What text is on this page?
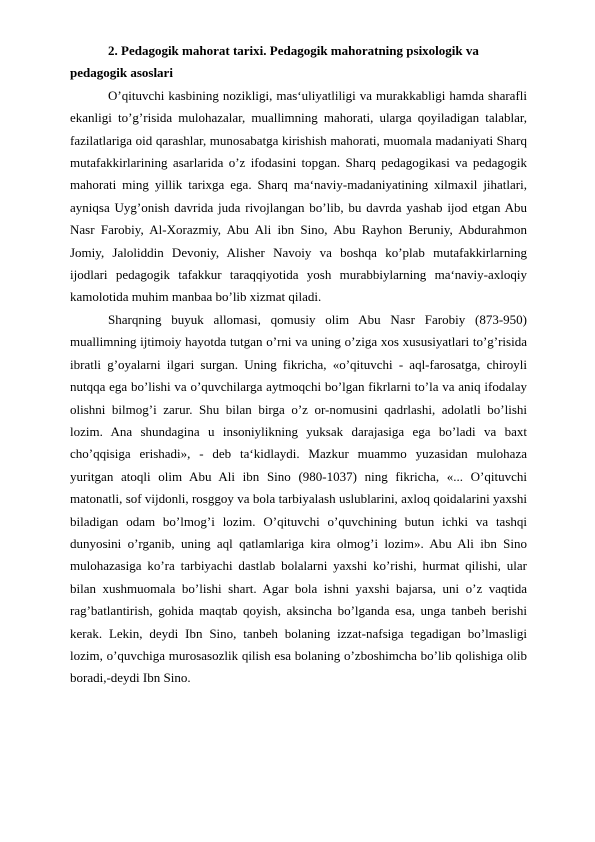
2. Pedagogik mahorat tarixi. Pedagogik mahoratning psixologik va pedagogik asoslari

O’qituvchi kasbining nozikligi, mas‘uliyatliligi va murakkabligi hamda sharafli ekanligi to’g’risida mulohazalar, muallimning mahorati, ularga qoyiladigan talablar, fazilatlariga oid qarashlar, munosabatga kirishish mahorati, muomala madaniyati Sharq mutafakkirlarining asarlarida o’z ifodasini topgan. Sharq pedagogikasi va pedagogik mahorati ming yillik tarixga ega. Sharq ma‘naviy-madaniyatining xilmaxil jihatlari, ayniqsa Uyg’onish davrida juda rivojlangan bo’lib, bu davrda yashab ijod etgan Abu Nasr Farobiy, Al-Xorazmiy, Abu Ali ibn Sino, Abu Rayhon Beruniy, Abdurahmon Jomiy, Jaloliddin Devoniy, Alisher Navoiy va boshqa ko’plab mutafakkirlarning ijodlari pedagogik tafakkur taraqqiyotida yosh murabbiylarning ma‘naviy-axloqiy kamolotida muhim manbaa bo’lib xizmat qiladi.

Sharqning buyuk allomasi, qomusiy olim Abu Nasr Farobiy (873-950) muallimning ijtimoiy hayotda tutgan o’rni va uning o’ziga xos xususiyatlari to’g’risida ibratli g’oyalarni ilgari surgan. Uning fikricha, «o’qituvchi - aql-farosatga, chiroyli nutqqa ega bo’lishi va o’quvchilarga aytmoqchi bo’lgan fikrlarni to’la va aniq ifodalay olishni bilmog’i zarur. Shu bilan birga o’z or-nomusini qadrlashi, adolatli bo’lishi lozim. Ana shundagina u insoniylikning yuksak darajasiga ega bo’ladi va baxt cho’qqisiga erishadi», - deb ta‘kidlaydi. Mazkur muammo yuzasidan mulohaza yuritgan atoqli olim Abu Ali ibn Sino (980-1037) ning fikricha, «... O’qituvchi matonatli, sof vijdonli, rosggoy va bola tarbiyalash uslublarini, axloq qoidalarini yaxshi biladigan odam bo’lmog’i lozim. O’qituvchi o’quvchining butun ichki va tashqi dunyosini o’rganib, uning aql qatlamlariga kira olmog’i lozim». Abu Ali ibn Sino mulohazasiga ko’ra tarbiyachi dastlab bolalarni yaxshi ko’rishi, hurmat qilishi, ular bilan xushmuomala bo’lishi shart. Agar bola ishni yaxshi bajarsa, uni o’z vaqtida rag’batlantirish, gohida maqtab qoyish, aksincha bo’lganda esa, unga tanbeh berishi kerak. Lekin, deydi Ibn Sino, tanbeh bolaning izzat-nafsiga tegadigan bo’lmasligi lozim, o’quvchiga murosasozlik qilish esa bolaning o’zboshimcha bo’lib qolishiga olib boradi,-deydi Ibn Sino.
